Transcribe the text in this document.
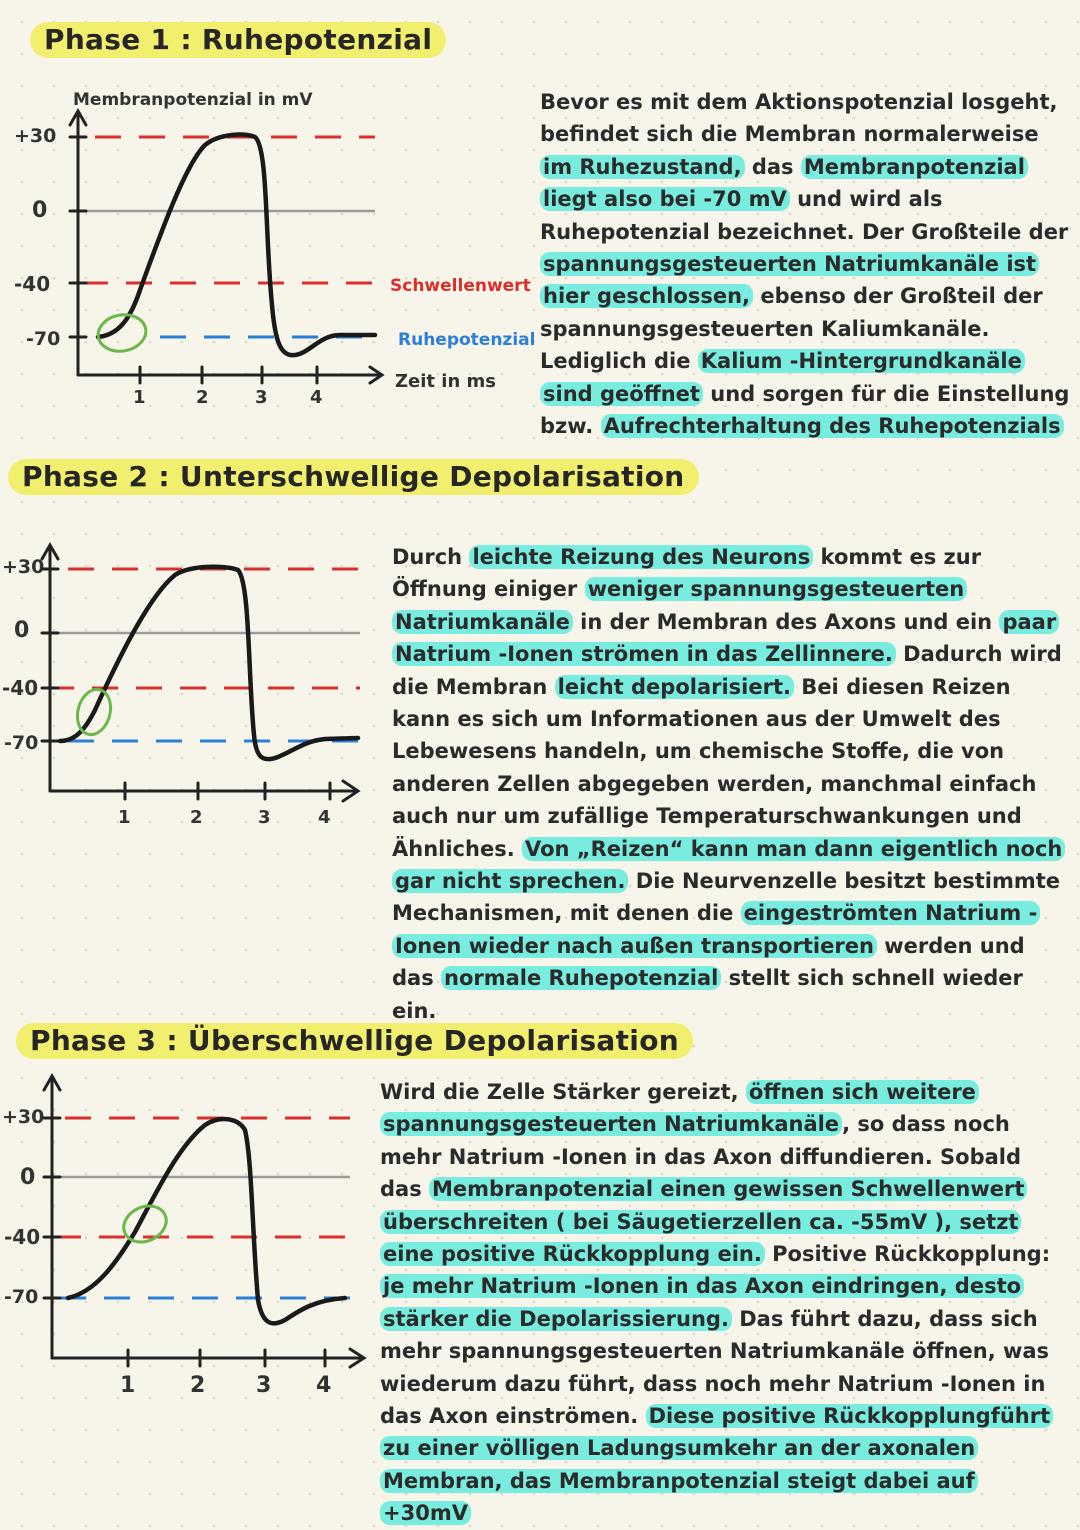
Phase 1 : Ruhepotenzial
Membranpotenzial in mV
+30
0
-40
-70
1	2	3 4
Schwellenwert
Ruhepotenzial
Zeit in ms
Bevor es mit dem Aktionspotenzial losgeht, befindet sich die Membran normalerweise im Ruhezustand, das Membranpotenzial liegt also bei -70 mV und wird als Ruhepotenzial bezeichnet. Der Großteile der spannungsgesteuerten Natriumkanäle ist hier geschlossen, ebenso der Großteil der spannungsgesteuerten Kaliumkanäle. Lediglich die Kalium -Hintergrundkanäle sind geöffnet und sorgen für die Einstellung bzw. Aufrechterhaltung des Ruhepotenzials
Phase 2 : Unterschwellige Depolarisation
+30
0
-40
-70
1	2	3	4
Durch leichte Reizung des Neurons kommt es zur Öffnung einiger weniger spannungsgesteuerten Natriumkanäle in der Membran des Axons und ein paar Natrium -Ionen strömen in das Zellinnere. Dadurch wird die Membran leicht depolarisiert. Bei diesen Reizen kann es sich um Informationen aus der Umwelt des Lebewesens handeln, um chemische Stoffe, die von anderen Zellen abgegeben werden, manchmal einfach auch nur um zufällige Temperaturschwankungen und Ähnliches. Von „Reizen“ kann man dann eigentlich noch gar nicht sprechen. Die Neurvenzelle besitzt bestimmte Mechanismen, mit denen die eingeströmten Natrium -Ionen wieder nach außen transportieren werden und das normale Ruhepotenzial stellt sich schnell wieder ein.
Phase 3 : Überschwellige Depolarisation
+30
0
-40
-70
1 2 3 4
Wird die Zelle Stärker gereizt, öffnen sich weitere spannungsgesteuerten Natriumkanäle , so dass noch mehr Natrium -Ionen in das Axon diffundieren. Sobald das Membranpotenzial einen gewissen Schwellenwert überschreiten ( bei Säugetierzellen ca. -55mV ), setzt eine positive Rückkopplung ein. Positive Rückkopplung: je mehr Natrium -Ionen in das Axon eindringen, desto stärker die Depolarissierung. Das führt dazu, dass sich mehr spannungsgesteuerten Natriumkanäle öffnen, was wiederum dazu führt, dass noch mehr Natrium -Ionen in das Axon einströmen. Diese positive Rückkopplungführt zu einer völligen Ladungsumkehr an der axonalen Membran, das Membranpotenzial steigt dabei auf +30mV
